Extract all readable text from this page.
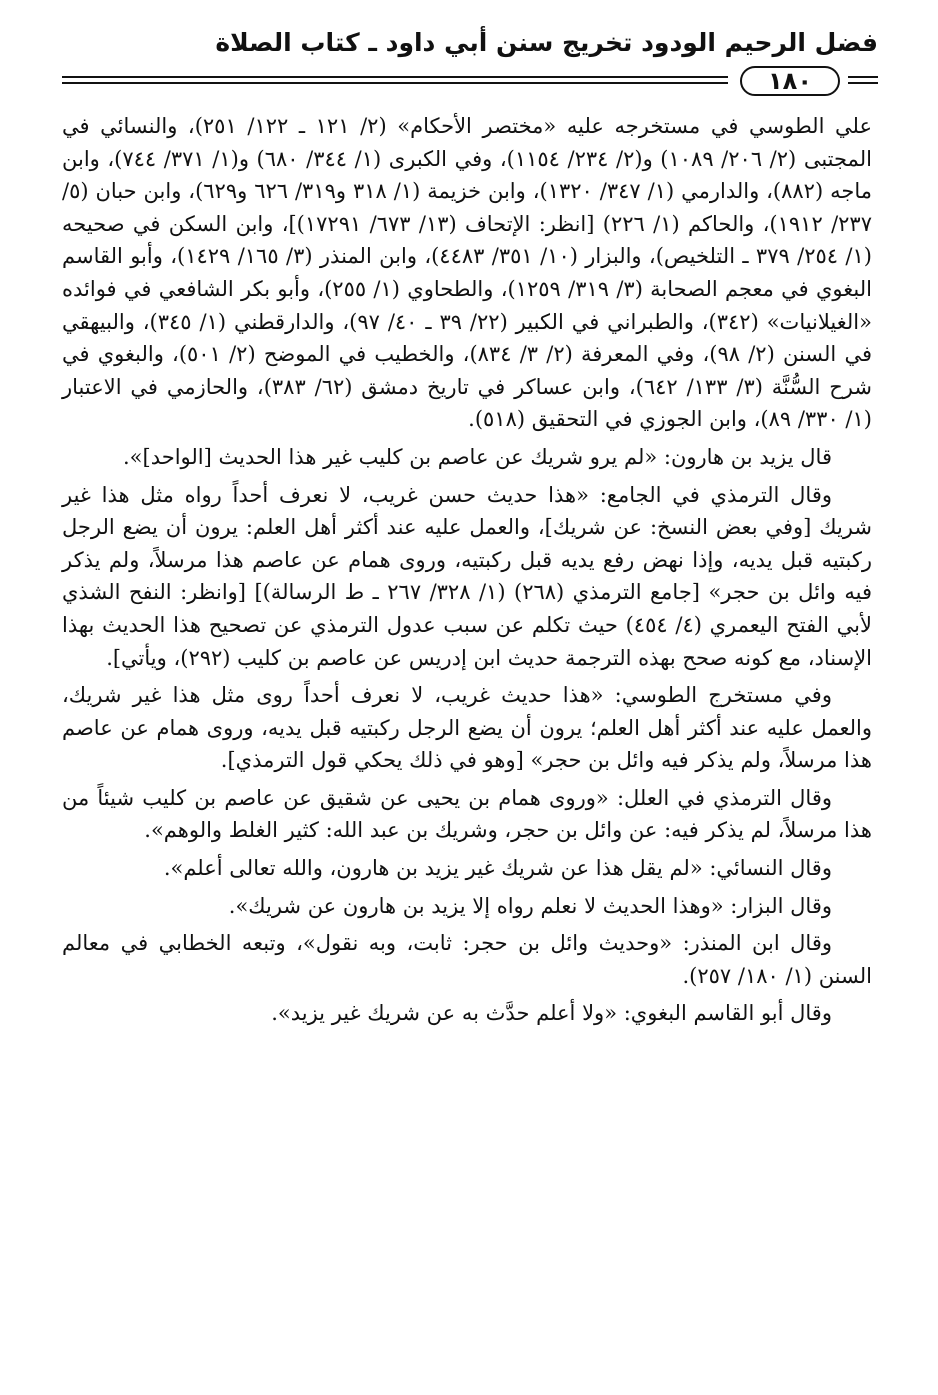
فضل الرحيم الودود تخريج سنن أبي داود ـ كتاب الصلاة
١٨٠

علي الطوسي في مستخرجه عليه «مختصر الأحكام» (٢/ ١٢١ ـ ١٢٢/ ٢٥١)، والنسائي في المجتبى (٢/ ٢٠٦/ ١٠٨٩) و(٢/ ٢٣٤/ ١١٥٤)، وفي الكبرى (١/ ٣٤٤/ ٦٨٠) و(١/ ٣٧١/ ٧٤٤)، وابن ماجه (٨٨٢)، والدارمي (١/ ٣٤٧/ ١٣٢٠)، وابن خزيمة (١/ ٣١٨ و٣١٩/ ٦٢٦ و٦٢٩)، وابن حبان (٥/ ٢٣٧/ ١٩١٢)، والحاكم (١/ ٢٢٦) [انظر: الإتحاف (١٣/ ٦٧٣/ ١٧٢٩١)]، وابن السكن في صحيحه (١/ ٢٥٤/ ٣٧٩ ـ التلخيص)، والبزار (١٠/ ٣٥١/ ٤٤٨٣)، وابن المنذر (٣/ ١٦٥/ ١٤٢٩)، وأبو القاسم البغوي في معجم الصحابة (٣/ ٣١٩/ ١٢٥٩)، والطحاوي (١/ ٢٥٥)، وأبو بكر الشافعي في فوائده «الغيلانيات» (٣٤٢)، والطبراني في الكبير (٢٢/ ٣٩ ـ ٤٠/ ٩٧)، والدارقطني (١/ ٣٤٥)، والبيهقي في السنن (٢/ ٩٨)، وفي المعرفة (٢/ ٣/ ٨٣٤)، والخطيب في الموضح (٢/ ٥٠١)، والبغوي في شرح السُّنَّة (٣/ ١٣٣/ ٦٤٢)، وابن عساكر في تاريخ دمشق (٦٢/ ٣٨٣)، والحازمي في الاعتبار (١/ ٣٣٠/ ٨٩)، وابن الجوزي في التحقيق (٥١٨).

قال يزيد بن هارون: «لم يرو شريك عن عاصم بن كليب غير هذا الحديث [الواحد]».

وقال الترمذي في الجامع: «هذا حديث حسن غريب، لا نعرف أحداً رواه مثل هذا غير شريك [وفي بعض النسخ: عن شريك]، والعمل عليه عند أكثر أهل العلم: يرون أن يضع الرجل ركبتيه قبل يديه، وإذا نهض رفع يديه قبل ركبتيه، وروى همام عن عاصم هذا مرسلاً، ولم يذكر فيه وائل بن حجر» [جامع الترمذي (٢٦٨) (١/ ٣٢٨/ ٢٦٧ ـ ط الرسالة)] [وانظر: النفح الشذي لأبي الفتح اليعمري (٤/ ٤٥٤) حيث تكلم عن سبب عدول الترمذي عن تصحيح هذا الحديث بهذا الإسناد، مع كونه صحح بهذه الترجمة حديث ابن إدريس عن عاصم بن كليب (٢٩٢)، ويأتي].

وفي مستخرج الطوسي: «هذا حديث غريب، لا نعرف أحداً روى مثل هذا غير شريك، والعمل عليه عند أكثر أهل العلم؛ يرون أن يضع الرجل ركبتيه قبل يديه، وروى همام عن عاصم هذا مرسلاً، ولم يذكر فيه وائل بن حجر» [وهو في ذلك يحكي قول الترمذي].

وقال الترمذي في العلل: «وروى همام بن يحيى عن شقيق عن عاصم بن كليب شيئاً من هذا مرسلاً، لم يذكر فيه: عن وائل بن حجر، وشريك بن عبد الله: كثير الغلط والوهم».

وقال النسائي: «لم يقل هذا عن شريك غير يزيد بن هارون، والله تعالى أعلم».

وقال البزار: «وهذا الحديث لا نعلم رواه إلا يزيد بن هارون عن شريك».

وقال ابن المنذر: «وحديث وائل بن حجر: ثابت، وبه نقول»، وتبعه الخطابي في معالم السنن (١/ ١٨٠/ ٢٥٧).

وقال أبو القاسم البغوي: «ولا أعلم حدَّث به عن شريك غير يزيد».
